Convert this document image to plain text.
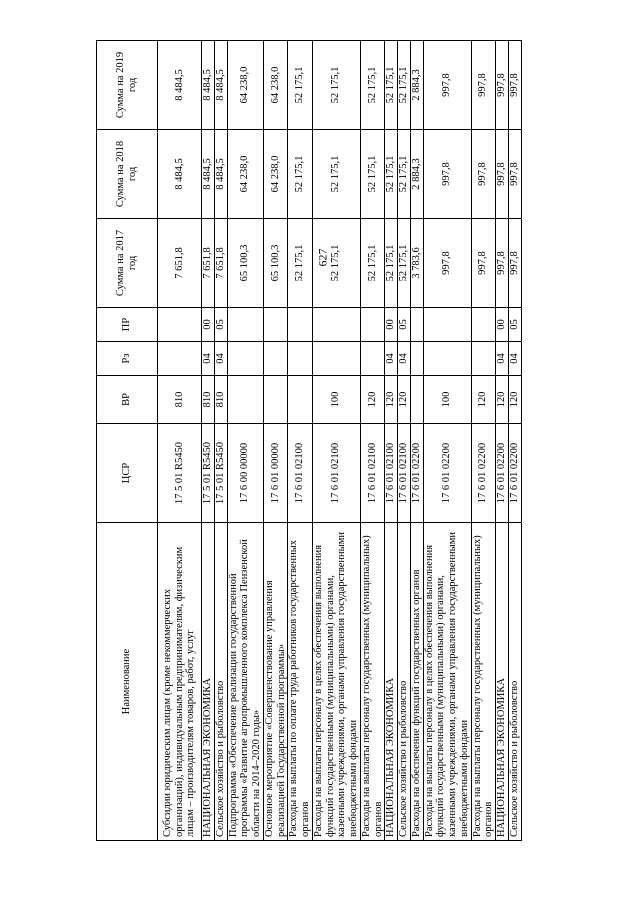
627
Наименование	ЦСР	ВР	Рз	ПР	Сумма на 2017 год	Сумма на 2018 год	Сумма на 2019 год
Субсидии юридическим лицам (кроме некоммерческих организаций), индивидуальным предпринимателям, физическим лицам – производителям товаров, работ, услуг	17 5 01 R5450	810			7 651,8	8 484,5	8 484,5
НАЦИОНАЛЬНАЯ ЭКОНОМИКА	17 5 01 R5450	810	04	00	7 651,8	8 484,5	8 484,5
Сельское хозяйство и рыболовство	17 5 01 R5450	810	04	05	7 651,8	8 484,5	8 484,5
Подпрограмма «Обеспечение реализации государственной программы «Развитие агропромышленного комплекса Пензенской области на 2014–2020 годы»	17 6 00 00000				65 100,3	64 238,0	64 238,0
Основное мероприятие «Совершенствование управления реализацией Государственной программы»	17 6 01 00000				65 100,3	64 238,0	64 238,0
Расходы на выплаты по оплате труда работников государственных органов	17 6 01 02100				52 175,1	52 175,1	52 175,1
Расходы на выплаты персоналу в целях обеспечения выполнения функций государственными (муниципальными) органами, казенными учреждениями, органами управления государственными внебюджетными фондами	17 6 01 02100	100			52 175,1	52 175,1	52 175,1
Расходы на выплаты персоналу государственных (муниципальных) органов	17 6 01 02100	120			52 175,1	52 175,1	52 175,1
НАЦИОНАЛЬНАЯ ЭКОНОМИКА	17 6 01 02100	120	04	00	52 175,1	52 175,1	52 175,1
Сельское хозяйство и рыболовство	17 6 01 02100	120	04	05	52 175,1	52 175,1	52 175,1
Расходы на обеспечение функций государственных органов	17 6 01 02200				3 783,6	2 884,3	2 884,3
Расходы на выплаты персоналу в целях обеспечения выполнения функций государственными (муниципальными) органами, казенными учреждениями, органами управления государственными внебюджетными фондами	17 6 01 02200	100			997,8	997,8	997,8
Расходы на выплаты персоналу государственных (муниципальных) органов	17 6 01 02200	120			997,8	997,8	997,8
НАЦИОНАЛЬНАЯ ЭКОНОМИКА	17 6 01 02200	120	04	00	997,8	997,8	997,8
Сельское хозяйство и рыболовство	17 6 01 02200	120	04	05	997,8	997,8	997,8
